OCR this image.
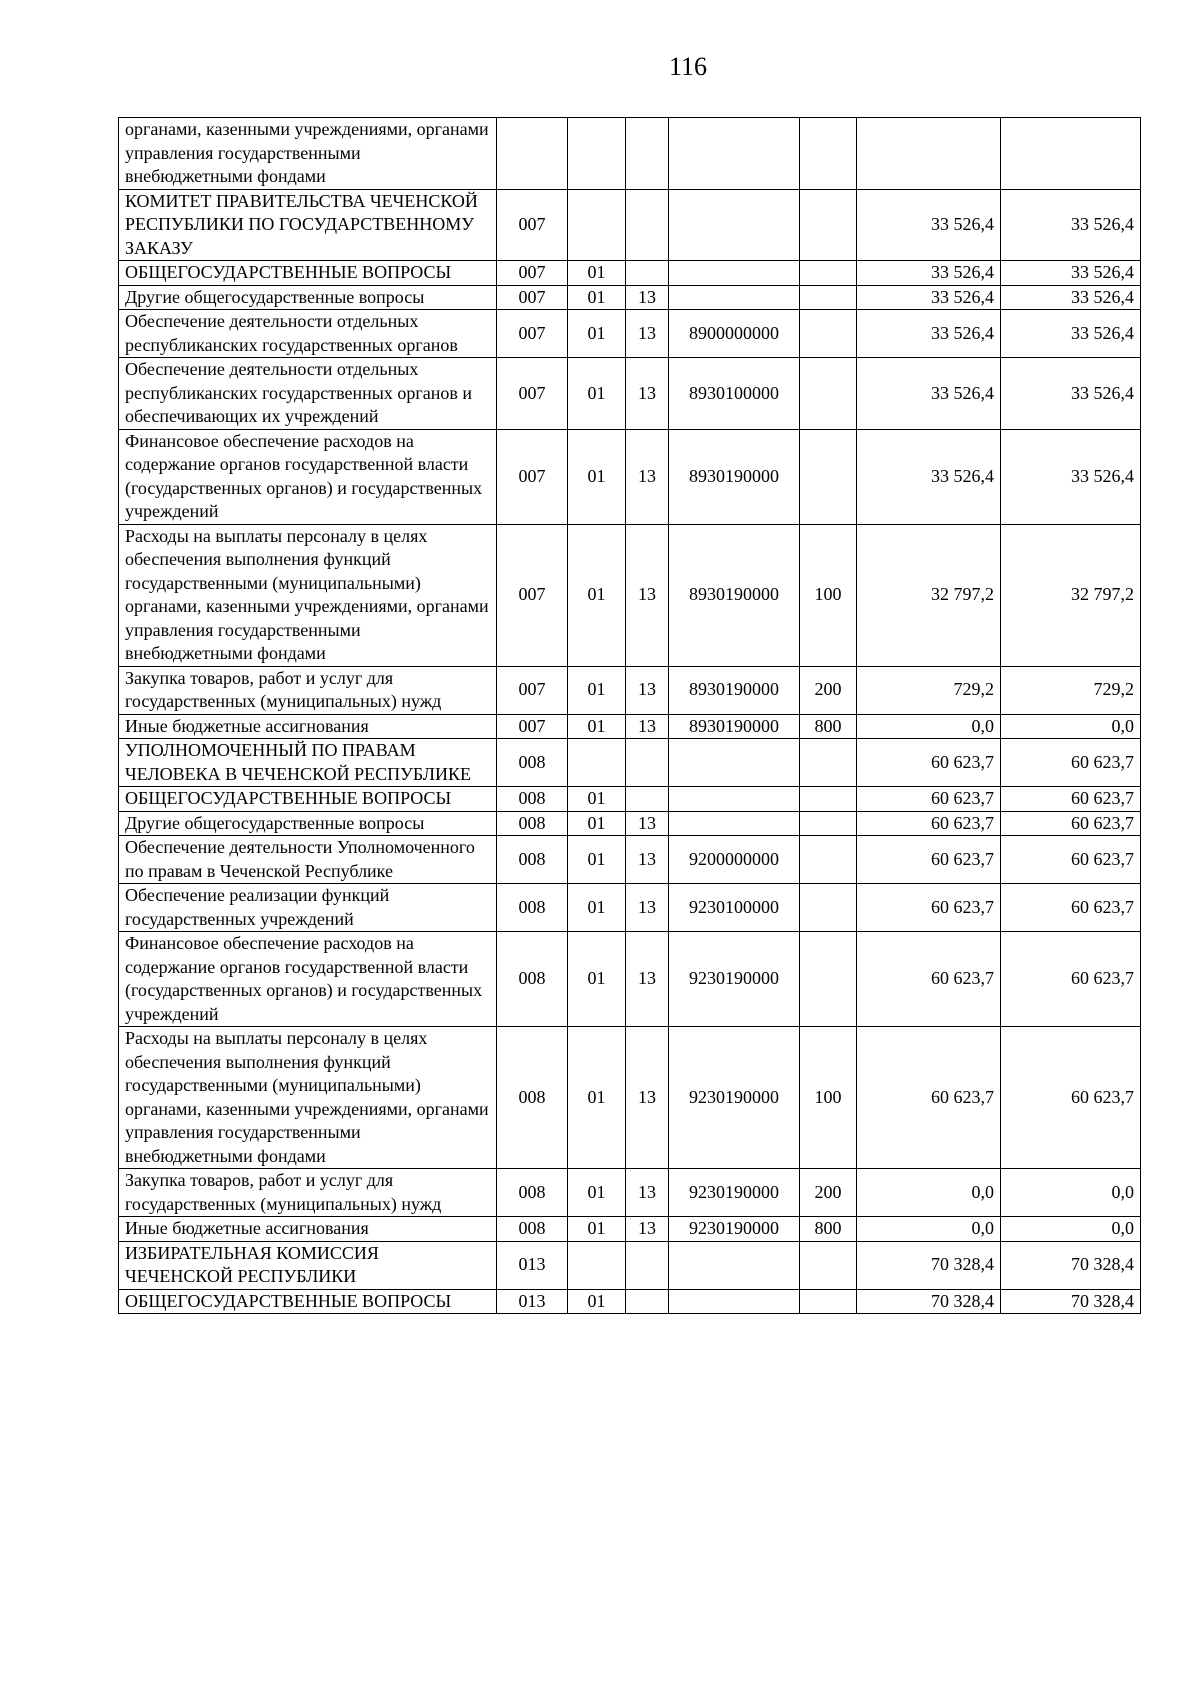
116
органами, казенными учреждениями, органами управления государственными внебюджетными фондами							
КОМИТЕТ ПРАВИТЕЛЬСТВА ЧЕЧЕНСКОЙ РЕСПУБЛИКИ ПО ГОСУДАРСТВЕННОМУ ЗАКАЗУ	007					33 526,4	33 526,4
ОБЩЕГОСУДАРСТВЕННЫЕ ВОПРОСЫ	007	01				33 526,4	33 526,4
Другие общегосударственные вопросы	007	01	13			33 526,4	33 526,4
Обеспечение деятельности отдельных республиканских государственных органов	007	01	13	8900000000		33 526,4	33 526,4
Обеспечение деятельности отдельных республиканских государственных органов и обеспечивающих их учреждений	007	01	13	8930100000		33 526,4	33 526,4
Финансовое обеспечение расходов на содержание органов государственной власти (государственных органов) и государственных учреждений	007	01	13	8930190000		33 526,4	33 526,4
Расходы на выплаты персоналу в целях обеспечения выполнения функций государственными (муниципальными) органами, казенными учреждениями, органами управления государственными внебюджетными фондами	007	01	13	8930190000	100	32 797,2	32 797,2
Закупка товаров, работ и услуг для государственных (муниципальных) нужд	007	01	13	8930190000	200	729,2	729,2
Иные бюджетные ассигнования	007	01	13	8930190000	800	0,0	0,0
УПОЛНОМОЧЕННЫЙ ПО ПРАВАМ ЧЕЛОВЕКА В ЧЕЧЕНСКОЙ РЕСПУБЛИКЕ	008					60 623,7	60 623,7
ОБЩЕГОСУДАРСТВЕННЫЕ ВОПРОСЫ	008	01				60 623,7	60 623,7
Другие общегосударственные вопросы	008	01	13			60 623,7	60 623,7
Обеспечение деятельности Уполномоченного по правам в Чеченской Республике	008	01	13	9200000000		60 623,7	60 623,7
Обеспечение реализации функций государственных учреждений	008	01	13	9230100000		60 623,7	60 623,7
Финансовое обеспечение расходов на содержание органов государственной власти (государственных органов) и государственных учреждений	008	01	13	9230190000		60 623,7	60 623,7
Расходы на выплаты персоналу в целях обеспечения выполнения функций государственными (муниципальными) органами, казенными учреждениями, органами управления государственными внебюджетными фондами	008	01	13	9230190000	100	60 623,7	60 623,7
Закупка товаров, работ и услуг для государственных (муниципальных) нужд	008	01	13	9230190000	200	0,0	0,0
Иные бюджетные ассигнования	008	01	13	9230190000	800	0,0	0,0
ИЗБИРАТЕЛЬНАЯ КОМИССИЯ ЧЕЧЕНСКОЙ РЕСПУБЛИКИ	013					70 328,4	70 328,4
ОБЩЕГОСУДАРСТВЕННЫЕ ВОПРОСЫ	013	01				70 328,4	70 328,4
